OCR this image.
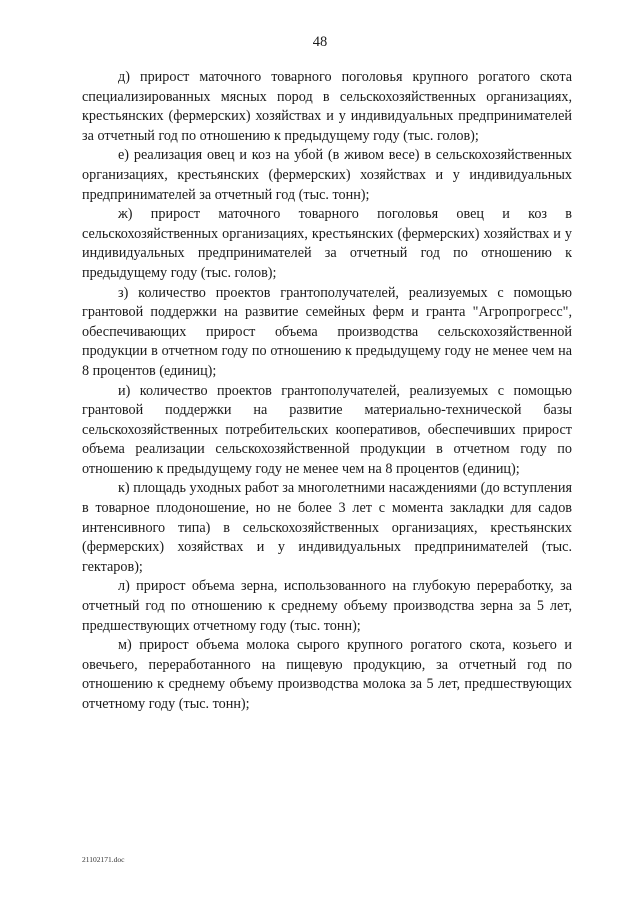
48

д) прирост маточного товарного поголовья крупного рогатого скота специализированных мясных пород в сельскохозяйственных организациях, крестьянских (фермерских) хозяйствах и у индивидуальных предпринимателей за отчетный год по отношению к предыдущему году (тыс. голов);

е) реализация овец и коз на убой (в живом весе) в сельскохозяйственных организациях, крестьянских (фермерских) хозяйствах и у индивидуальных предпринимателей за отчетный год (тыс. тонн);

ж) прирост маточного товарного поголовья овец и коз в сельскохозяйственных организациях, крестьянских (фермерских) хозяйствах и у индивидуальных предпринимателей за отчетный год по отношению к предыдущему году (тыс. голов);

з) количество проектов грантополучателей, реализуемых с помощью грантовой поддержки на развитие семейных ферм и гранта "Агропрогресс", обеспечивающих прирост объема производства сельскохозяйственной продукции в отчетном году по отношению к предыдущему году не менее чем на 8 процентов (единиц);

и) количество проектов грантополучателей, реализуемых с помощью грантовой поддержки на развитие материально-технической базы сельскохозяйственных потребительских кооперативов, обеспечивших прирост объема реализации сельскохозяйственной продукции в отчетном году по отношению к предыдущему году не менее чем на 8 процентов (единиц);

к) площадь уходных работ за многолетними насаждениями (до вступления в товарное плодоношение, но не более 3 лет с момента закладки для садов интенсивного типа) в сельскохозяйственных организациях, крестьянских (фермерских) хозяйствах и у индивидуальных предпринимателей (тыс. гектаров);

л) прирост объема зерна, использованного на глубокую переработку, за отчетный год по отношению к среднему объему производства зерна за 5 лет, предшествующих отчетному году (тыс. тонн);

м) прирост объема молока сырого крупного рогатого скота, козьего и овечьего, переработанного на пищевую продукцию, за отчетный год по отношению к среднему объему производства молока за 5 лет, предшествующих отчетному году (тыс. тонн);

21102171.doc
